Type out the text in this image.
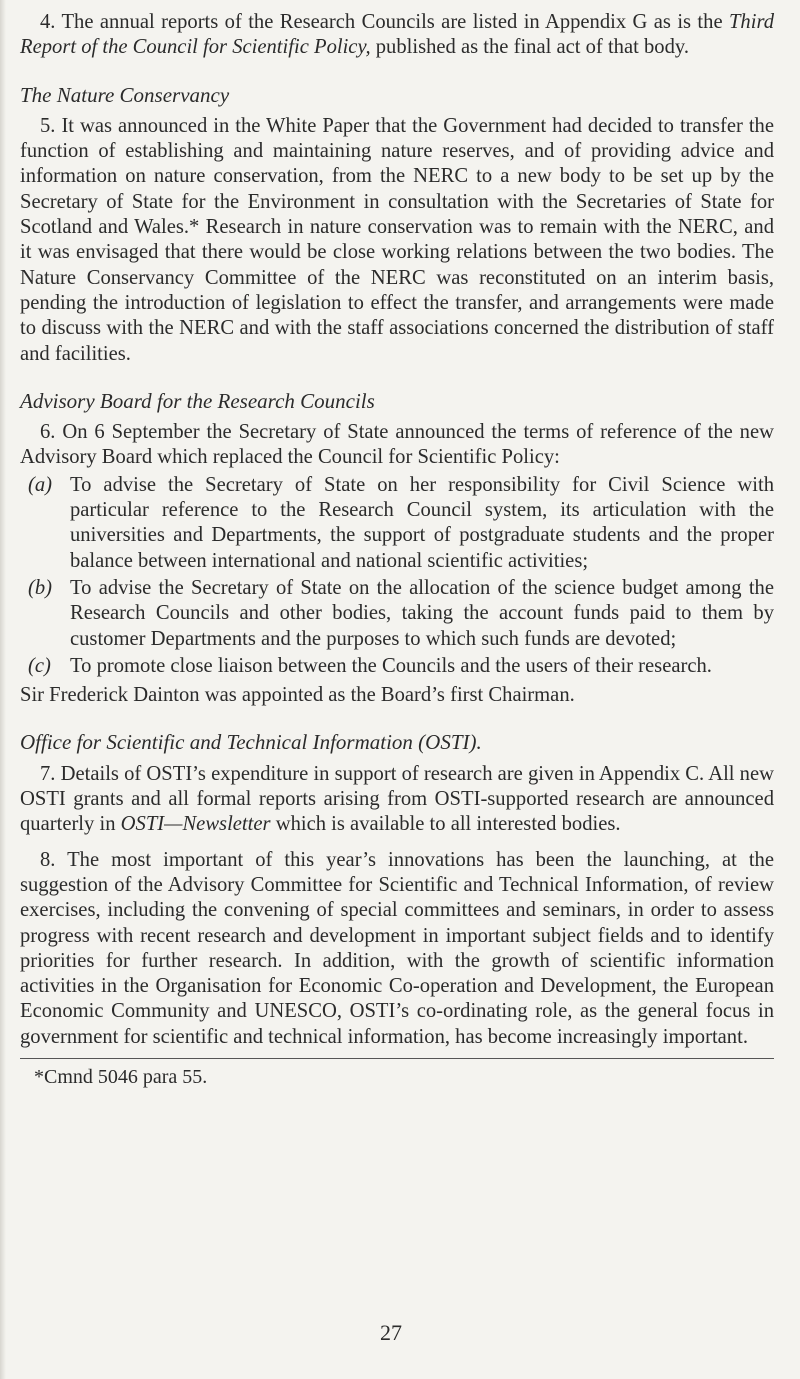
4. The annual reports of the Research Councils are listed in Appendix G as is the Third Report of the Council for Scientific Policy, published as the final act of that body.

The Nature Conservancy

5. It was announced in the White Paper that the Government had decided to transfer the function of establishing and maintaining nature reserves, and of providing advice and information on nature conservation, from the NERC to a new body to be set up by the Secretary of State for the Environment in consultation with the Secretaries of State for Scotland and Wales.* Research in nature conservation was to remain with the NERC, and it was envisaged that there would be close working relations between the two bodies. The Nature Conservancy Committee of the NERC was reconstituted on an interim basis, pending the introduction of legislation to effect the transfer, and arrangements were made to discuss with the NERC and with the staff associations concerned the distribution of staff and facilities.

Advisory Board for the Research Councils

6. On 6 September the Secretary of State announced the terms of reference of the new Advisory Board which replaced the Council for Scientific Policy:

(a) To advise the Secretary of State on her responsibility for Civil Science with particular reference to the Research Council system, its articulation with the universities and Departments, the support of postgraduate students and the proper balance between international and national scientific activities;
(b) To advise the Secretary of State on the allocation of the science budget among the Research Councils and other bodies, taking the account funds paid to them by customer Departments and the purposes to which such funds are devoted;
(c) To promote close liaison between the Councils and the users of their research.

Sir Frederick Dainton was appointed as the Board’s first Chairman.

Office for Scientific and Technical Information (OSTI).

7. Details of OSTI’s expenditure in support of research are given in Appendix C. All new OSTI grants and all formal reports arising from OSTI-supported research are announced quarterly in OSTI—Newsletter which is available to all interested bodies.

8. The most important of this year’s innovations has been the launching, at the suggestion of the Advisory Committee for Scientific and Technical Information, of review exercises, including the convening of special committees and seminars, in order to assess progress with recent research and development in important subject fields and to identify priorities for further research. In addition, with the growth of scientific information activities in the Organisation for Economic Co-operation and Development, the European Economic Community and UNESCO, OSTI’s co-ordinating role, as the general focus in government for scientific and technical information, has become increasingly important.

*Cmnd 5046 para 55.
27
